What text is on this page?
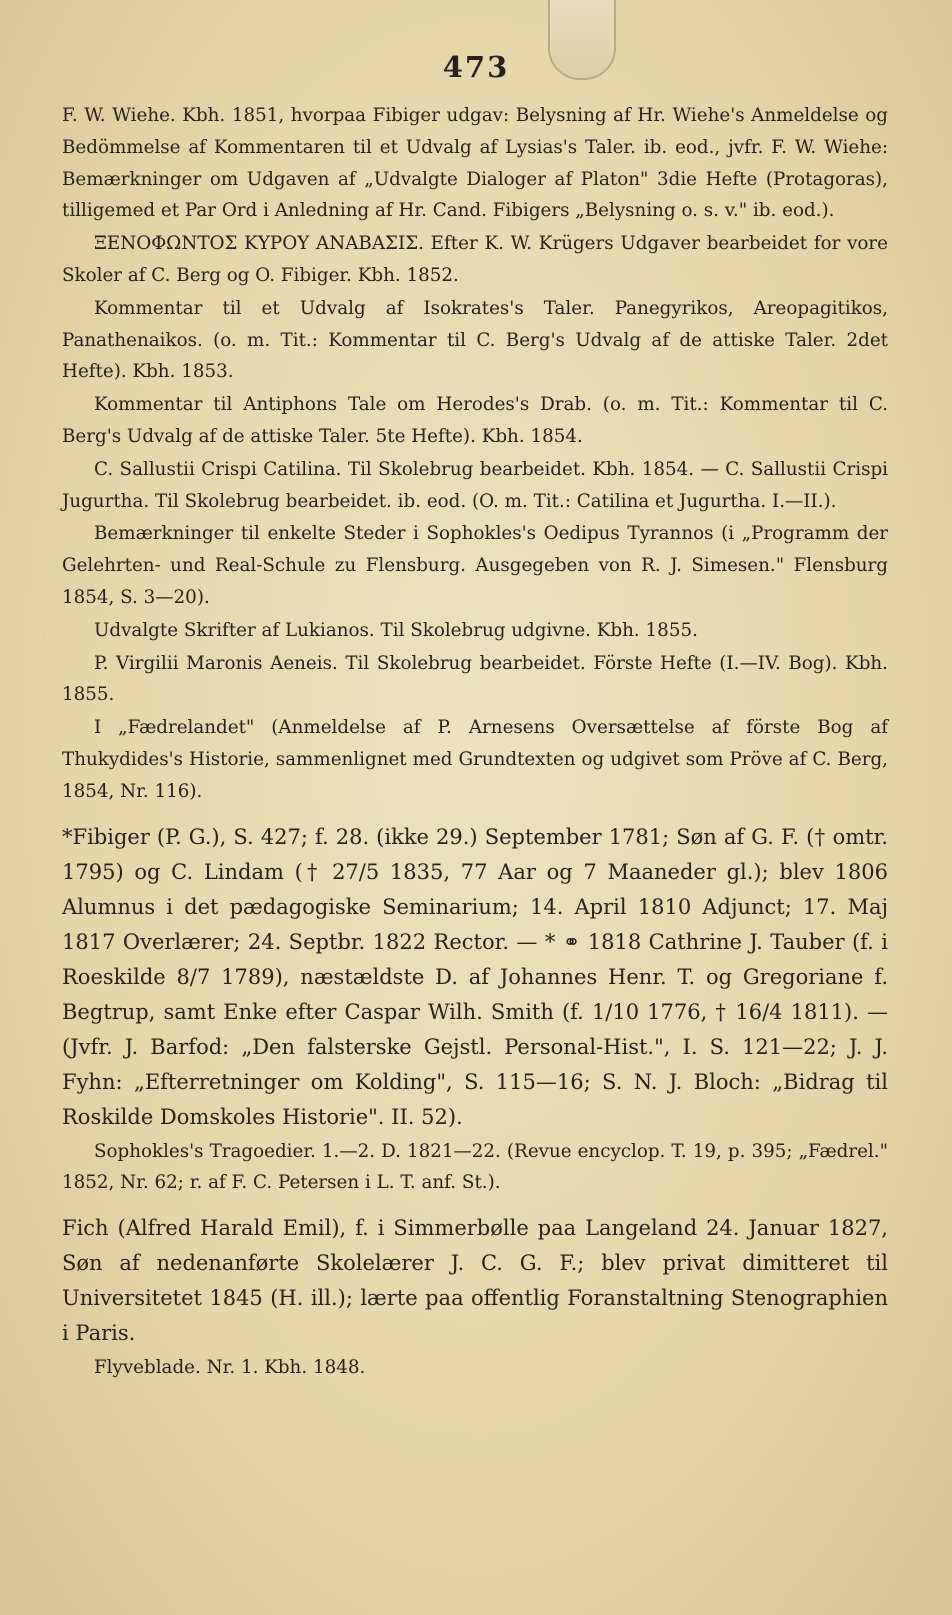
473

F. W. Wiehe. Kbh. 1851, hvorpaa Fibiger udgav: Belysning af Hr. Wiehe's Anmeldelse og Bedömmelse af Kommentaren til et Udvalg af Lysias's Taler. ib. eod., jvfr. F. W. Wiehe: Bemærkninger om Udgaven af „Udvalgte Dialoger af Platon" 3die Hefte (Protagoras), tilligemed et Par Ord i Anledning af Hr. Cand. Fibigers „Belysning o. s. v." ib. eod.).

ΞΕΝΟΦΩΝΤΟΣ ΚΥΡΟΥ ΑΝΑΒΑΣΙΣ. Efter K. W. Krügers Udgaver bearbeidet for vore Skoler af C. Berg og O. Fibiger. Kbh. 1852.

Kommentar til et Udvalg af Isokrates's Taler. Panegyrikos, Areopagitikos, Panathenaikos. (o. m. Tit.: Kommentar til C. Berg's Udvalg af de attiske Taler. 2det Hefte). Kbh. 1853.

Kommentar til Antiphons Tale om Herodes's Drab. (o. m. Tit.: Kommentar til C. Berg's Udvalg af de attiske Taler. 5te Hefte). Kbh. 1854.

C. Sallustii Crispi Catilina. Til Skolebrug bearbeidet. Kbh. 1854. — C. Sallustii Crispi Jugurtha. Til Skolebrug bearbeidet. ib. eod. (O. m. Tit.: Catilina et Jugurtha. I.—II.).

Bemærkninger til enkelte Steder i Sophokles's Oedipus Tyrannos (i „Programm der Gelehrten- und Real-Schule zu Flensburg. Ausgegeben von R. J. Simesen." Flensburg 1854, S. 3—20).

Udvalgte Skrifter af Lukianos. Til Skolebrug udgivne. Kbh. 1855.

P. Virgilii Maronis Aeneis. Til Skolebrug bearbeidet. Förste Hefte (I.—IV. Bog). Kbh. 1855.

I „Fædrelandet" (Anmeldelse af P. Arnesens Oversættelse af förste Bog af Thukydides's Historie, sammenlignet med Grundtexten og udgivet som Pröve af C. Berg, 1854, Nr. 116).

*Fibiger (P. G.), S. 427; f. 28. (ikke 29.) September 1781; Søn af G. F. († omtr. 1795) og C. Lindam († 27/5 1835, 77 Aar og 7 Maaneder gl.); blev 1806 Alumnus i det pædagogiske Seminarium; 14. April 1810 Adjunct; 17. Maj 1817 Overlærer; 24. Septbr. 1822 Rector. — * ⚭ 1818 Cathrine J. Tauber (f. i Roeskilde 8/7 1789), næstældste D. af Johannes Henr. T. og Gregoriane f. Begtrup, samt Enke efter Caspar Wilh. Smith (f. 1/10 1776, † 16/4 1811). — (Jvfr. J. Barfod: „Den falsterske Gejstl. Personal-Hist.", I. S. 121—22; J. J. Fyhn: „Efterretninger om Kolding", S. 115—16; S. N. J. Bloch: „Bidrag til Roskilde Domskoles Historie". II. 52).

Sophokles's Tragoedier. 1.—2. D. 1821—22. (Revue encyclop. T. 19, p. 395; „Fædrel." 1852, Nr. 62; r. af F. C. Petersen i L. T. anf. St.).

Fich (Alfred Harald Emil), f. i Simmerbølle paa Langeland 24. Januar 1827, Søn af nedenanførte Skolelærer J. C. G. F.; blev privat dimitteret til Universitetet 1845 (H. ill.); lærte paa offentlig Foranstaltning Stenographien i Paris.

Flyveblade. Nr. 1. Kbh. 1848.
